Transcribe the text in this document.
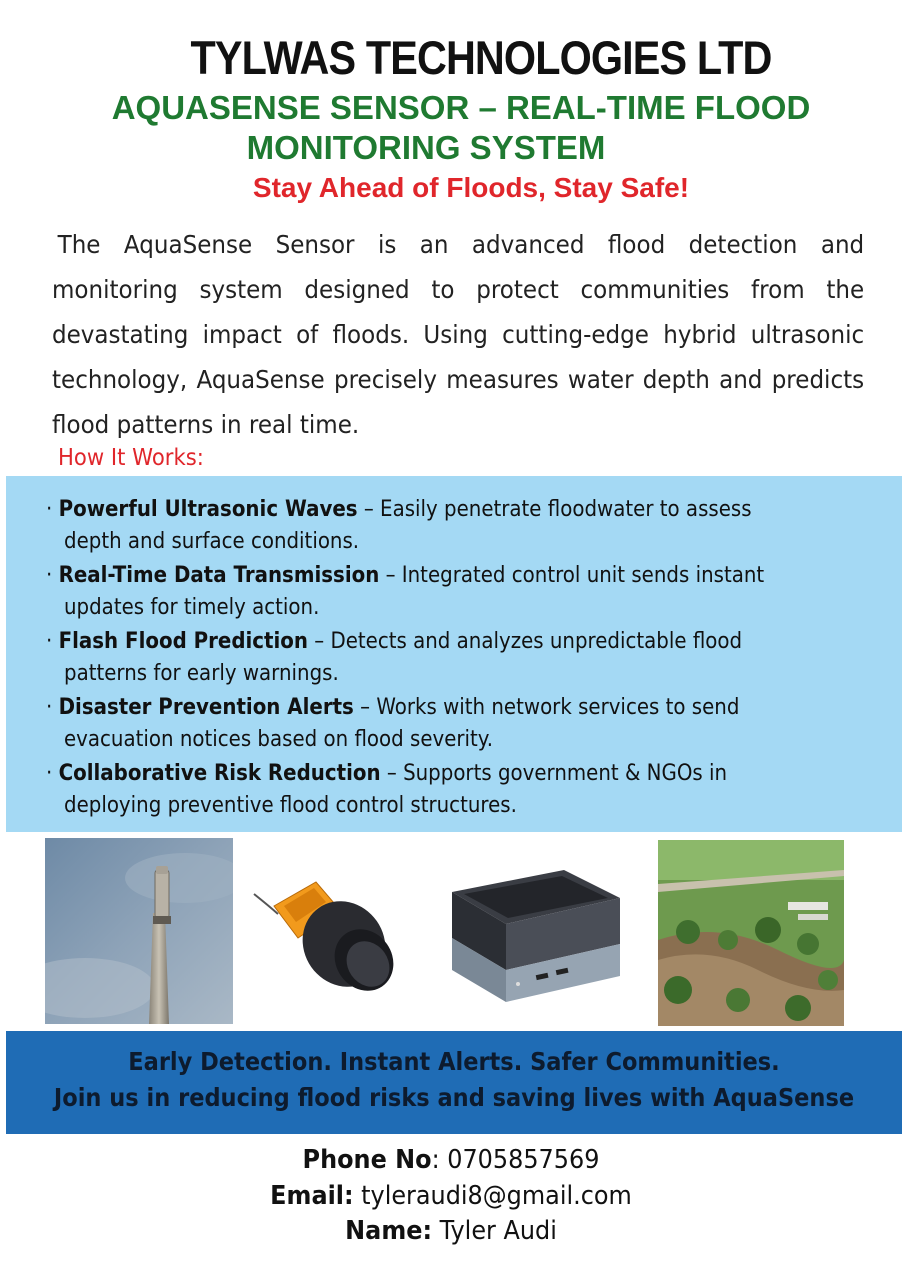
TYLWAS TECHNOLOGIES LTD
AQUASENSE SENSOR – REAL-TIME FLOOD
MONITORING SYSTEM
Stay Ahead of Floods, Stay Safe!
The AquaSense Sensor is an advanced flood detection and monitoring system designed to protect communities from the devastating impact of floods. Using cutting-edge hybrid ultrasonic technology, AquaSense precisely measures water depth and predicts flood patterns in real time.
How It Works:
· Powerful Ultrasonic Waves – Easily penetrate floodwater to assess
depth and surface conditions.
· Real-Time Data Transmission – Integrated control unit sends instant
updates for timely action.
· Flash Flood Prediction – Detects and analyzes unpredictable flood
patterns for early warnings.
· Disaster Prevention Alerts – Works with network services to send
evacuation notices based on flood severity.
· Collaborative Risk Reduction – Supports government & NGOs in
deploying preventive flood control structures.
Early Detection. Instant Alerts. Safer Communities.
Join us in reducing flood risks and saving lives with AquaSense
Phone No: 0705857569
Email: tyleraudi8@gmail.com
Name: Tyler Audi
